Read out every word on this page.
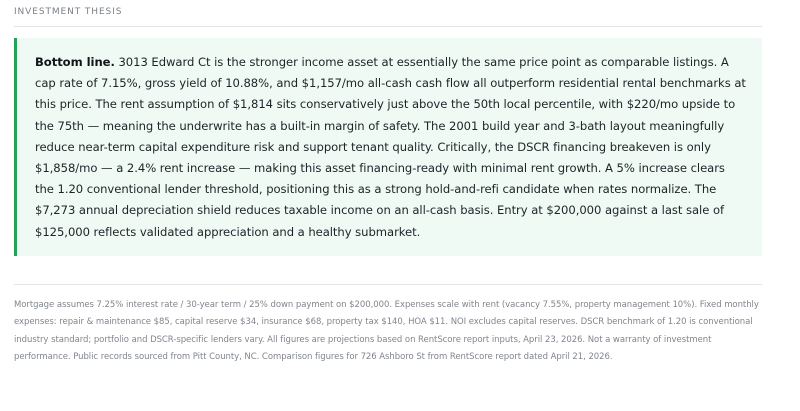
INVESTMENT THESIS

Bottom line. 3013 Edward Ct is the stronger income asset at essentially the same price point as comparable listings. A cap rate of 7.15%, gross yield of 10.88%, and $1,157/mo all-cash cash flow all outperform residential rental benchmarks at this price. The rent assumption of $1,814 sits conservatively just above the 50th local percentile, with $220/mo upside to the 75th — meaning the underwrite has a built-in margin of safety. The 2001 build year and 3-bath layout meaningfully reduce near-term capital expenditure risk and support tenant quality. Critically, the DSCR financing breakeven is only $1,858/mo — a 2.4% rent increase — making this asset financing-ready with minimal rent growth. A 5% increase clears the 1.20 conventional lender threshold, positioning this as a strong hold-and-refi candidate when rates normalize. The $7,273 annual depreciation shield reduces taxable income on an all-cash basis. Entry at $200,000 against a last sale of $125,000 reflects validated appreciation and a healthy submarket.

Mortgage assumes 7.25% interest rate / 30-year term / 25% down payment on $200,000. Expenses scale with rent (vacancy 7.55%, property management 10%). Fixed monthly expenses: repair & maintenance $85, capital reserve $34, insurance $68, property tax $140, HOA $11. NOI excludes capital reserves. DSCR benchmark of 1.20 is conventional industry standard; portfolio and DSCR-specific lenders vary. All figures are projections based on RentScore report inputs, April 23, 2026. Not a warranty of investment performance. Public records sourced from Pitt County, NC. Comparison figures for 726 Ashboro St from RentScore report dated April 21, 2026.
